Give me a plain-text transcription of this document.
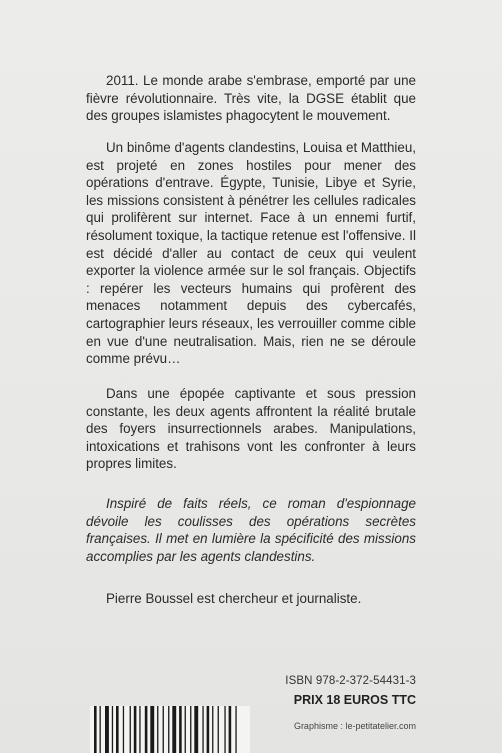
2011. Le monde arabe s'embrase, emporté par une fièvre révolutionnaire. Très vite, la DGSE établit que des groupes islamistes phagocytent le mouvement.

Un binôme d'agents clandestins, Louisa et Matthieu, est projeté en zones hostiles pour mener des opérations d'entrave. Égypte, Tunisie, Libye et Syrie, les missions consistent à pénétrer les cellules radicales qui prolifèrent sur internet. Face à un ennemi furtif, résolument toxique, la tactique retenue est l'offensive. Il est décidé d'aller au contact de ceux qui veulent exporter la violence armée sur le sol français. Objectifs : repérer les vecteurs humains qui profèrent des menaces notamment depuis des cybercafés, cartographier leurs réseaux, les verrouiller comme cible en vue d'une neutralisation. Mais, rien ne se déroule comme prévu…

Dans une épopée captivante et sous pression constante, les deux agents affrontent la réalité brutale des foyers insurrectionnels arabes. Manipulations, intoxications et trahisons vont les confronter à leurs propres limites.

Inspiré de faits réels, ce roman d'espionnage dévoile les coulisses des opérations secrètes françaises. Il met en lumière la spécificité des missions accomplies par les agents clandestins.

Pierre Boussel est chercheur et journaliste.

ISBN 978-2-372-54431-3
PRIX 18 EUROS TTC
Graphisme : le-petitatelier.com
